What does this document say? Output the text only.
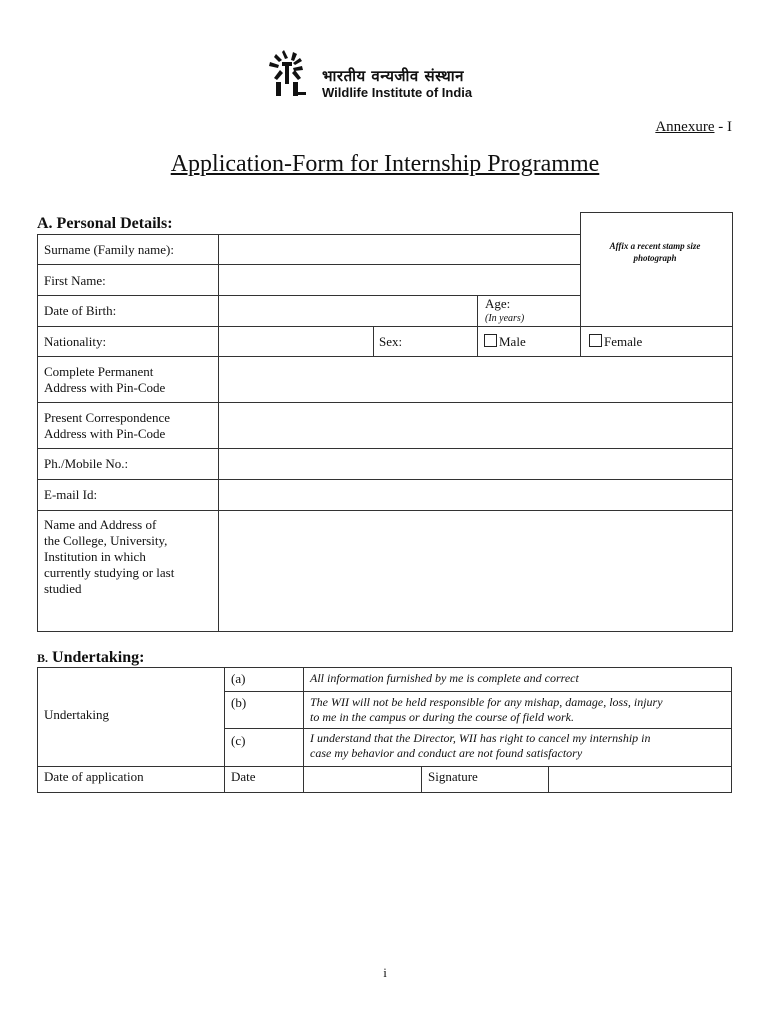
भारतीय वन्यजीव संस्थान
Wildlife Institute of India
Annexure - I
Application-Form for Internship Programme
A. Personal Details:
Affix a recent stamp size photograph
Surname (Family name):
First Name:
Date of Birth:	Age:
(In years)
Nationality:	Sex:	Male	Female
Complete Permanent
Address with Pin-Code
Present Correspondence
Address with Pin-Code
Ph./Mobile No.:
E-mail Id:
Name and Address of
the College, University,
Institution in which
currently studying or last
studied
B. Undertaking:
Undertaking
(a)	All information furnished by me is complete and correct
(b)	The WII will not be held responsible for any mishap, damage, loss, injury
to me in the campus or during the course of field work.
(c)	I understand that the Director, WII has right to cancel my internship in
case my behavior and conduct are not found satisfactory
Date of application	Date	Signature
i
